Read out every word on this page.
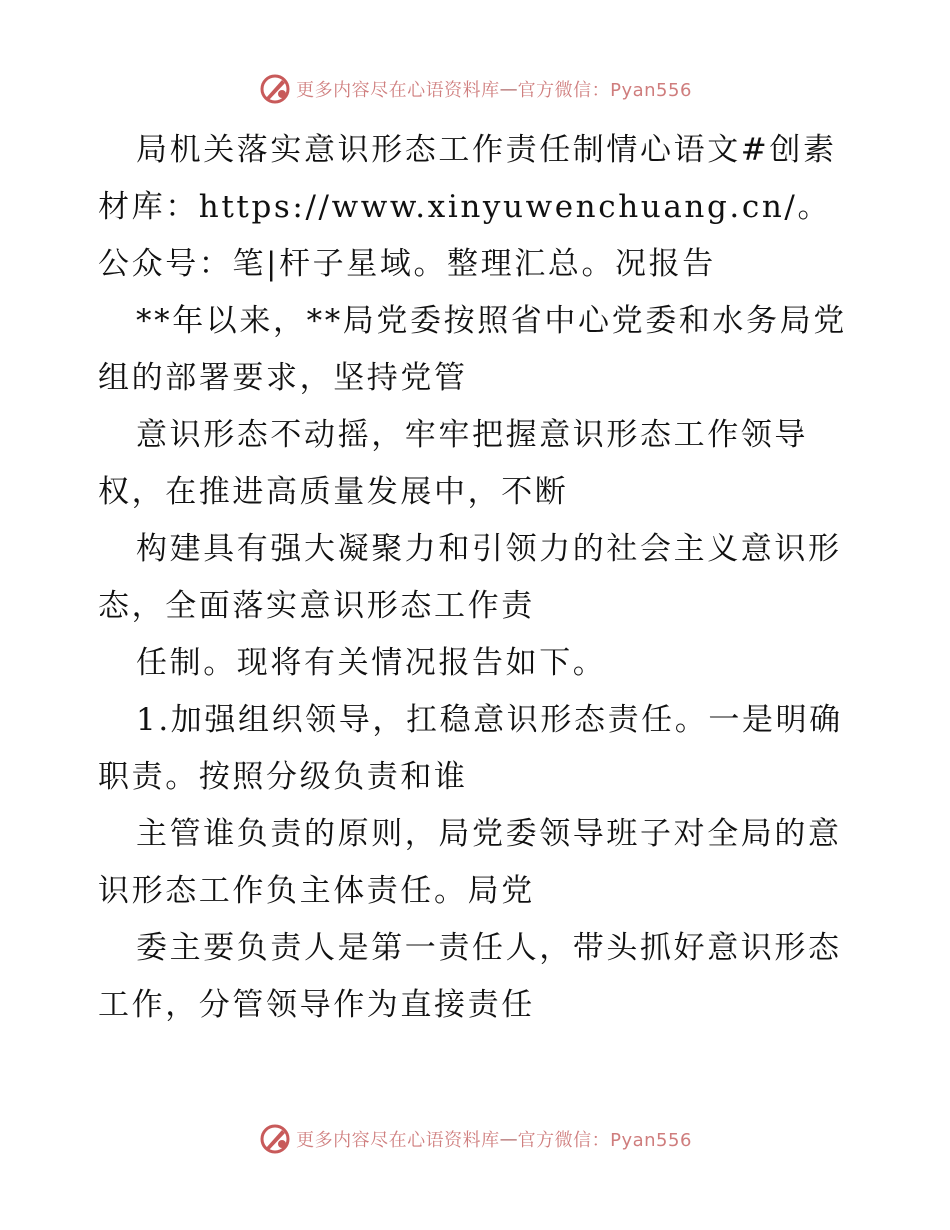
更多内容尽在心语资料库 — 官方微信：Pyan556

局机关落实意识形态工作责任制情心语文#创素材库：https://www.xinyuwenchuang.cn/。公众号：笔|杆子星域。整理汇总。况报告

**年以来，**局党委按照省中心党委和水务局党组的部署要求，坚持党管

意识形态不动摇，牢牢把握意识形态工作领导权，在推进高质量发展中，不断

构建具有强大凝聚力和引领力的社会主义意识形态，全面落实意识形态工作责

任制。现将有关情况报告如下。

1.加强组织领导，扛稳意识形态责任。一是明确职责。按照分级负责和谁

主管谁负责的原则，局党委领导班子对全局的意识形态工作负主体责任。局党

委主要负责人是第一责任人，带头抓好意识形态工作，分管领导作为直接责任

更多内容尽在心语资料库 — 官方微信：Pyan556
